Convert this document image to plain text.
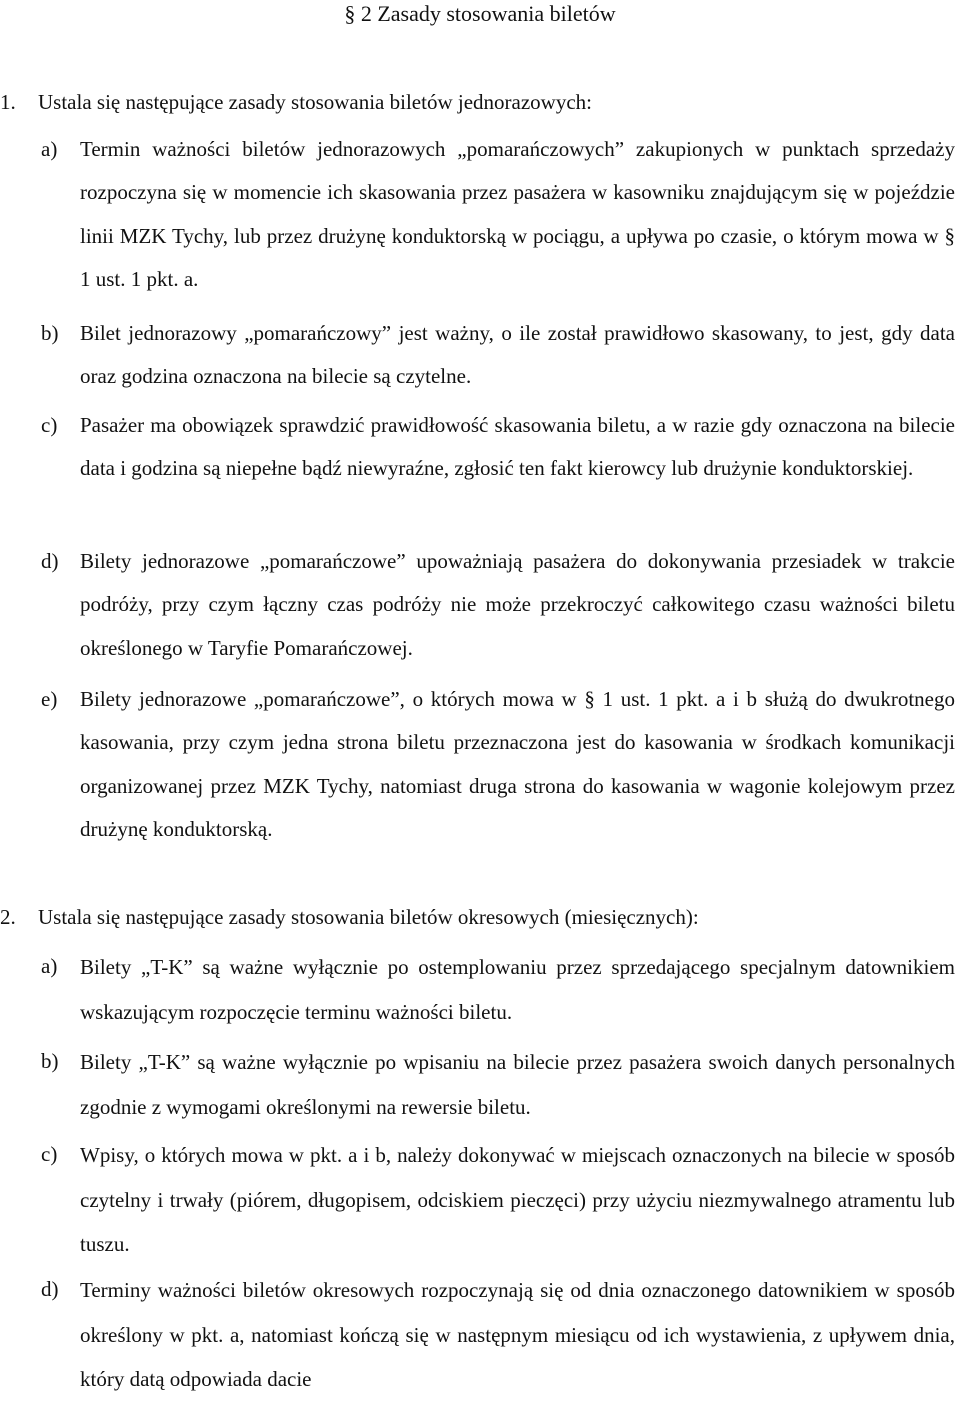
§ 2 Zasady stosowania biletów
1. Ustala się następujące zasady stosowania biletów jednorazowych:
a) Termin ważności biletów jednorazowych „pomarańczowych” zakupionych w punktach sprzedaży rozpoczyna się w momencie ich skasowania przez pasażera w kasowniku znajdującym się w pojeździe linii MZK Tychy, lub przez drużynę konduktorską w pociągu, a upływa po czasie, o którym mowa w § 1 ust. 1 pkt. a.
b) Bilet jednorazowy „pomarańczowy” jest ważny, o ile został prawidłowo skasowany, to jest, gdy data oraz godzina oznaczona na bilecie są czytelne.
c) Pasażer ma obowiązek sprawdzić prawidłowość skasowania biletu, a w razie gdy oznaczona na bilecie data i godzina są niepełne bądź niewyraźne, zgłosić ten fakt kierowcy lub drużynie konduktorskiej.
d) Bilety jednorazowe „pomarańczowe” upoważniają pasażera do dokonywania przesiadek w trakcie podróży, przy czym łączny czas podróży nie może przekroczyć całkowitego czasu ważności biletu określonego w Taryfie Pomarańczowej.
e) Bilety jednorazowe „pomarańczowe”, o których mowa w § 1 ust. 1 pkt. a i b służą do dwukrotnego kasowania, przy czym jedna strona biletu przeznaczona jest do kasowania w środkach komunikacji organizowanej przez MZK Tychy, natomiast druga strona do kasowania w wagonie kolejowym przez drużynę konduktorską.
2. Ustala się następujące zasady stosowania biletów okresowych (miesięcznych):
a) Bilety „T-K” są ważne wyłącznie po ostemplowaniu przez sprzedającego specjalnym datownikiem wskazującym rozpoczęcie terminu ważności biletu.
b) Bilety „T-K” są ważne wyłącznie po wpisaniu na bilecie przez pasażera swoich danych personalnych zgodnie z wymogami określonymi na rewersie biletu.
c) Wpisy, o których mowa w pkt. a i b, należy dokonywać w miejscach oznaczonych na bilecie w sposób czytelny i trwały (piórem, długopisem, odciskiem pieczęci) przy użyciu niezmywalnego atramentu lub tuszu.
d) Terminy ważności biletów okresowych rozpoczynają się od dnia oznaczonego datownikiem w sposób określony w pkt. a, natomiast kończą się w następnym miesiącu od ich wystawienia, z upływem dnia, który datą odpowiada dacie
